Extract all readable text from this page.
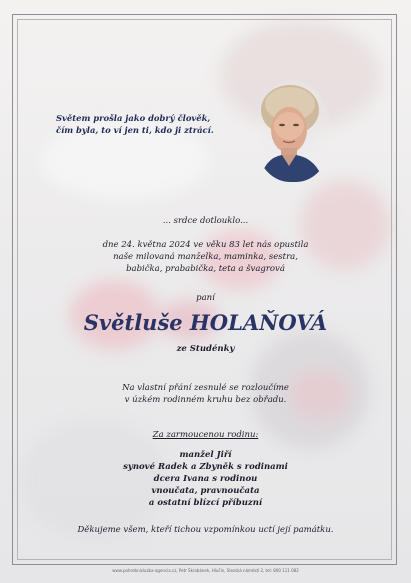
Světem prošla jako dobrý člověk,
čím byla, to ví jen ti, kdo ji ztrácí.
... srdce dotlouklo...
dne 24. května 2024 ve věku 83 let nás opustila
naše milovaná manželka, maminka, sestra,
babička, prababička, teta a švagrová
paní
Světluše HOLAŇOVÁ
ze Studénky
Na vlastní přání zesnulé se rozloučíme
v úzkém rodinném kruhu bez obřadu.
Za zarmoucenou rodinu:
manžel Jiří
synové Radek a Zbyněk s rodinami
dcera Ivana s rodinou
vnoučata, pravnoučata
a ostatní blízcí příbuzní
Děkujeme všem, kteří tichou vzpomínkou uctí její památku.
www.pohrebnisluzba-agencia.cz, Petr Škrobánek, Hlučín, Slezská náměstí 2, tel: 800 111 082
